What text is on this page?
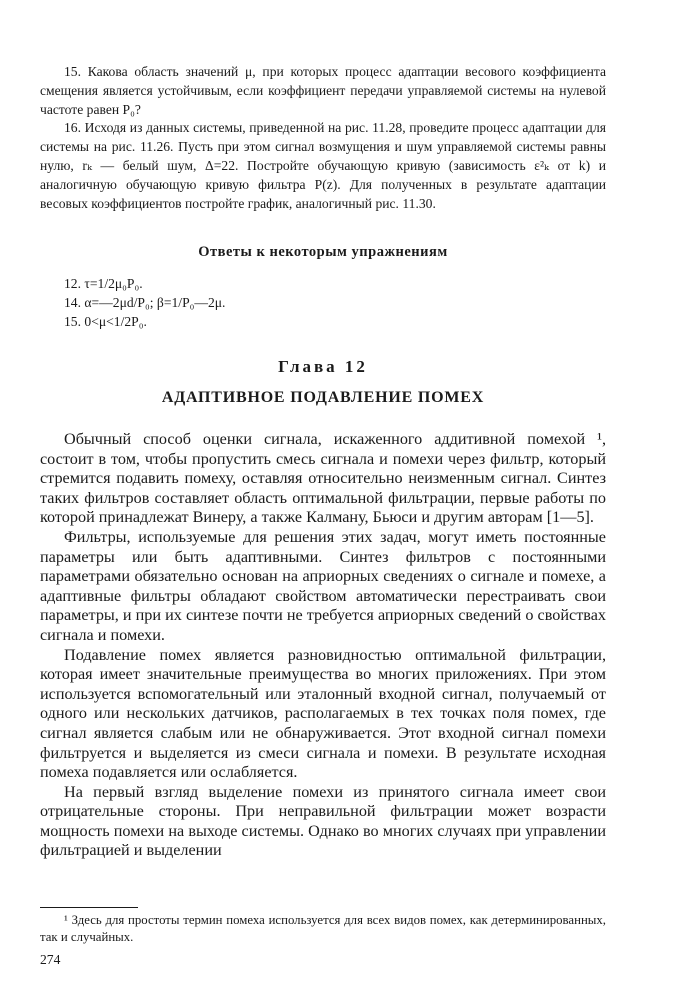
15. Какова область значений μ, при которых процесс адаптации весового коэффициента смещения является устойчивым, если коэффициент передачи управляемой системы на нулевой частоте равен P₀?

16. Исходя из данных системы, приведенной на рис. 11.28, проведите процесс адаптации для системы на рис. 11.26. Пусть при этом сигнал возмущения и шум управляемой системы равны нулю, rₖ — белый шум, Δ=22. Постройте обучающую кривую (зависимость ε²ₖ от k) и аналогичную обучающую кривую фильтра P(z). Для полученных в результате адаптации весовых коэффициентов постройте график, аналогичный рис. 11.30.

Ответы к некоторым упражнениям
12. τ=1/2μ₀P₀.
14. α=—2μd/P₀; β=1/P₀—2μ.
15. 0<μ<1/2P₀.
Глава 12
АДАПТИВНОЕ ПОДАВЛЕНИЕ ПОМЕХ

Обычный способ оценки сигнала, искаженного аддитивной помехой ¹, состоит в том, чтобы пропустить смесь сигнала и помехи через фильтр, который стремится подавить помеху, оставляя относительно неизменным сигнал. Синтез таких фильтров составляет область оптимальной фильтрации, первые работы по которой принадлежат Винеру, а также Калману, Бьюси и другим авторам [1—5].

Фильтры, используемые для решения этих задач, могут иметь постоянные параметры или быть адаптивными. Синтез фильтров с постоянными параметрами обязательно основан на априорных сведениях о сигнале и помехе, а адаптивные фильтры обладают свойством автоматически перестраивать свои параметры, и при их синтезе почти не требуется априорных сведений о свойствах сигнала и помехи.

Подавление помех является разновидностью оптимальной фильтрации, которая имеет значительные преимущества во многих приложениях. При этом используется вспомогательный или эталонный входной сигнал, получаемый от одного или нескольких датчиков, располагаемых в тех точках поля помех, где сигнал является слабым или не обнаруживается. Этот входной сигнал помехи фильтруется и выделяется из смеси сигнала и помехи. В результате исходная помеха подавляется или ослабляется.

На первый взгляд выделение помехи из принятого сигнала имеет свои отрицательные стороны. При неправильной фильтрации может возрасти мощность помехи на выходе системы. Однако во многих случаях при управлении фильтрацией и выделении

¹ Здесь для простоты термин помеха используется для всех видов помех, как детерминированных, так и случайных.

274
